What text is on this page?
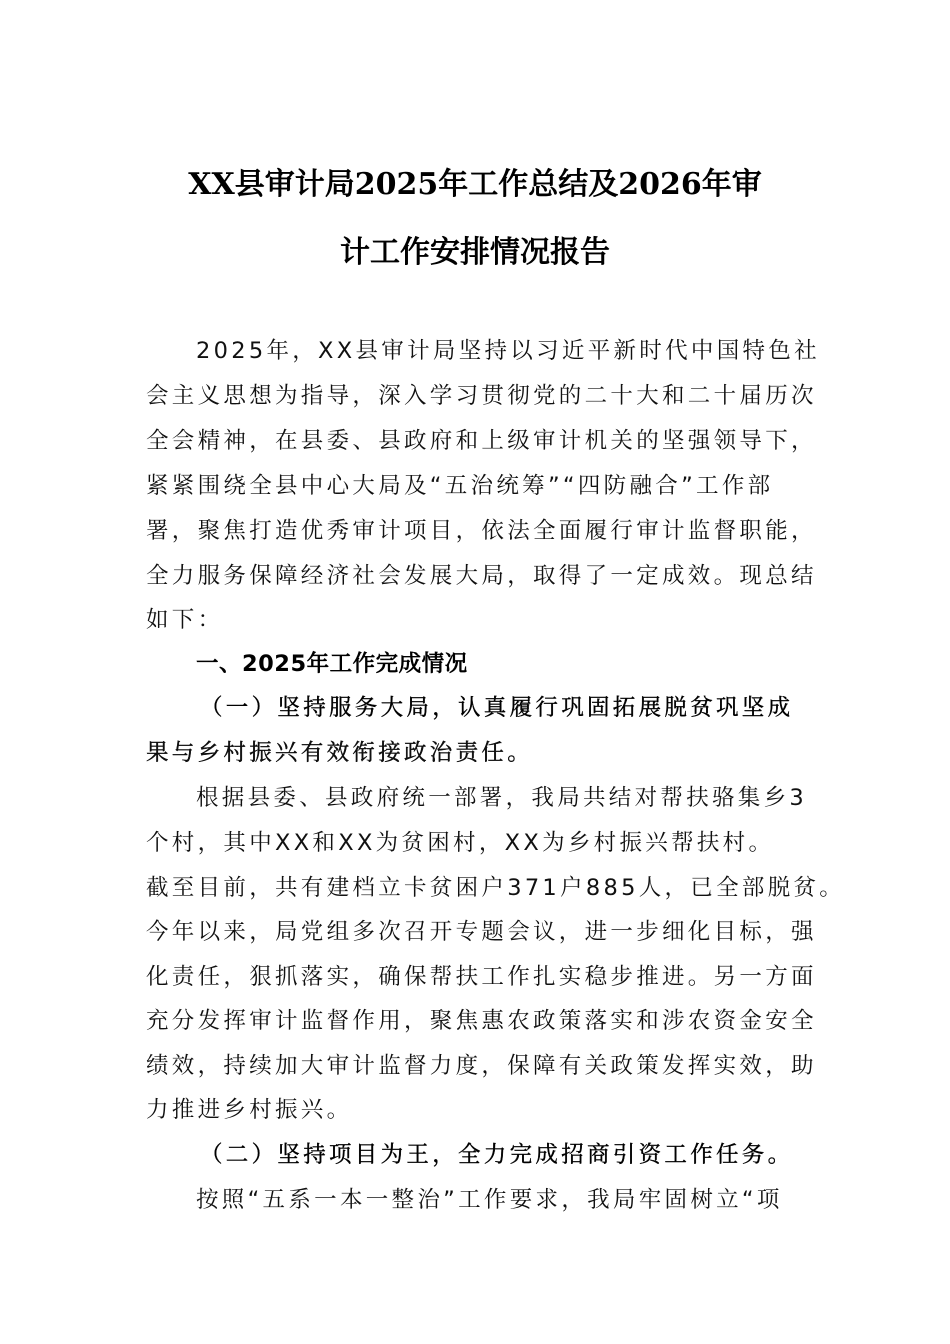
XX县审计局2025年工作总结及2026年审
计工作安排情况报告
2025年，XX县审计局坚持以习近平新时代中国特色社
会主义思想为指导，深入学习贯彻党的二十大和二十届历次
全会精神，在县委、县政府和上级审计机关的坚强领导下，
紧紧围绕全县中心大局及“五治统筹”“四防融合”工作部
署，聚焦打造优秀审计项目，依法全面履行审计监督职能，
全力服务保障经济社会发展大局，取得了一定成效。现总结
如下：
一、2025年工作完成情况
（一）坚持服务大局，认真履行巩固拓展脱贫巩坚成
果与乡村振兴有效衔接政治责任。
根据县委、县政府统一部署，我局共结对帮扶骆集乡3
个村，其中XX和XX为贫困村，XX为乡村振兴帮扶村。
截至目前，共有建档立卡贫困户371户885人，已全部脱贫。
今年以来，局党组多次召开专题会议，进一步细化目标，强
化责任，狠抓落实，确保帮扶工作扎实稳步推进。另一方面
充分发挥审计监督作用，聚焦惠农政策落实和涉农资金安全
绩效，持续加大审计监督力度，保障有关政策发挥实效，助
力推进乡村振兴。
（二）坚持项目为王，全力完成招商引资工作任务。
按照“五系一本一整治”工作要求，我局牢固树立“项
